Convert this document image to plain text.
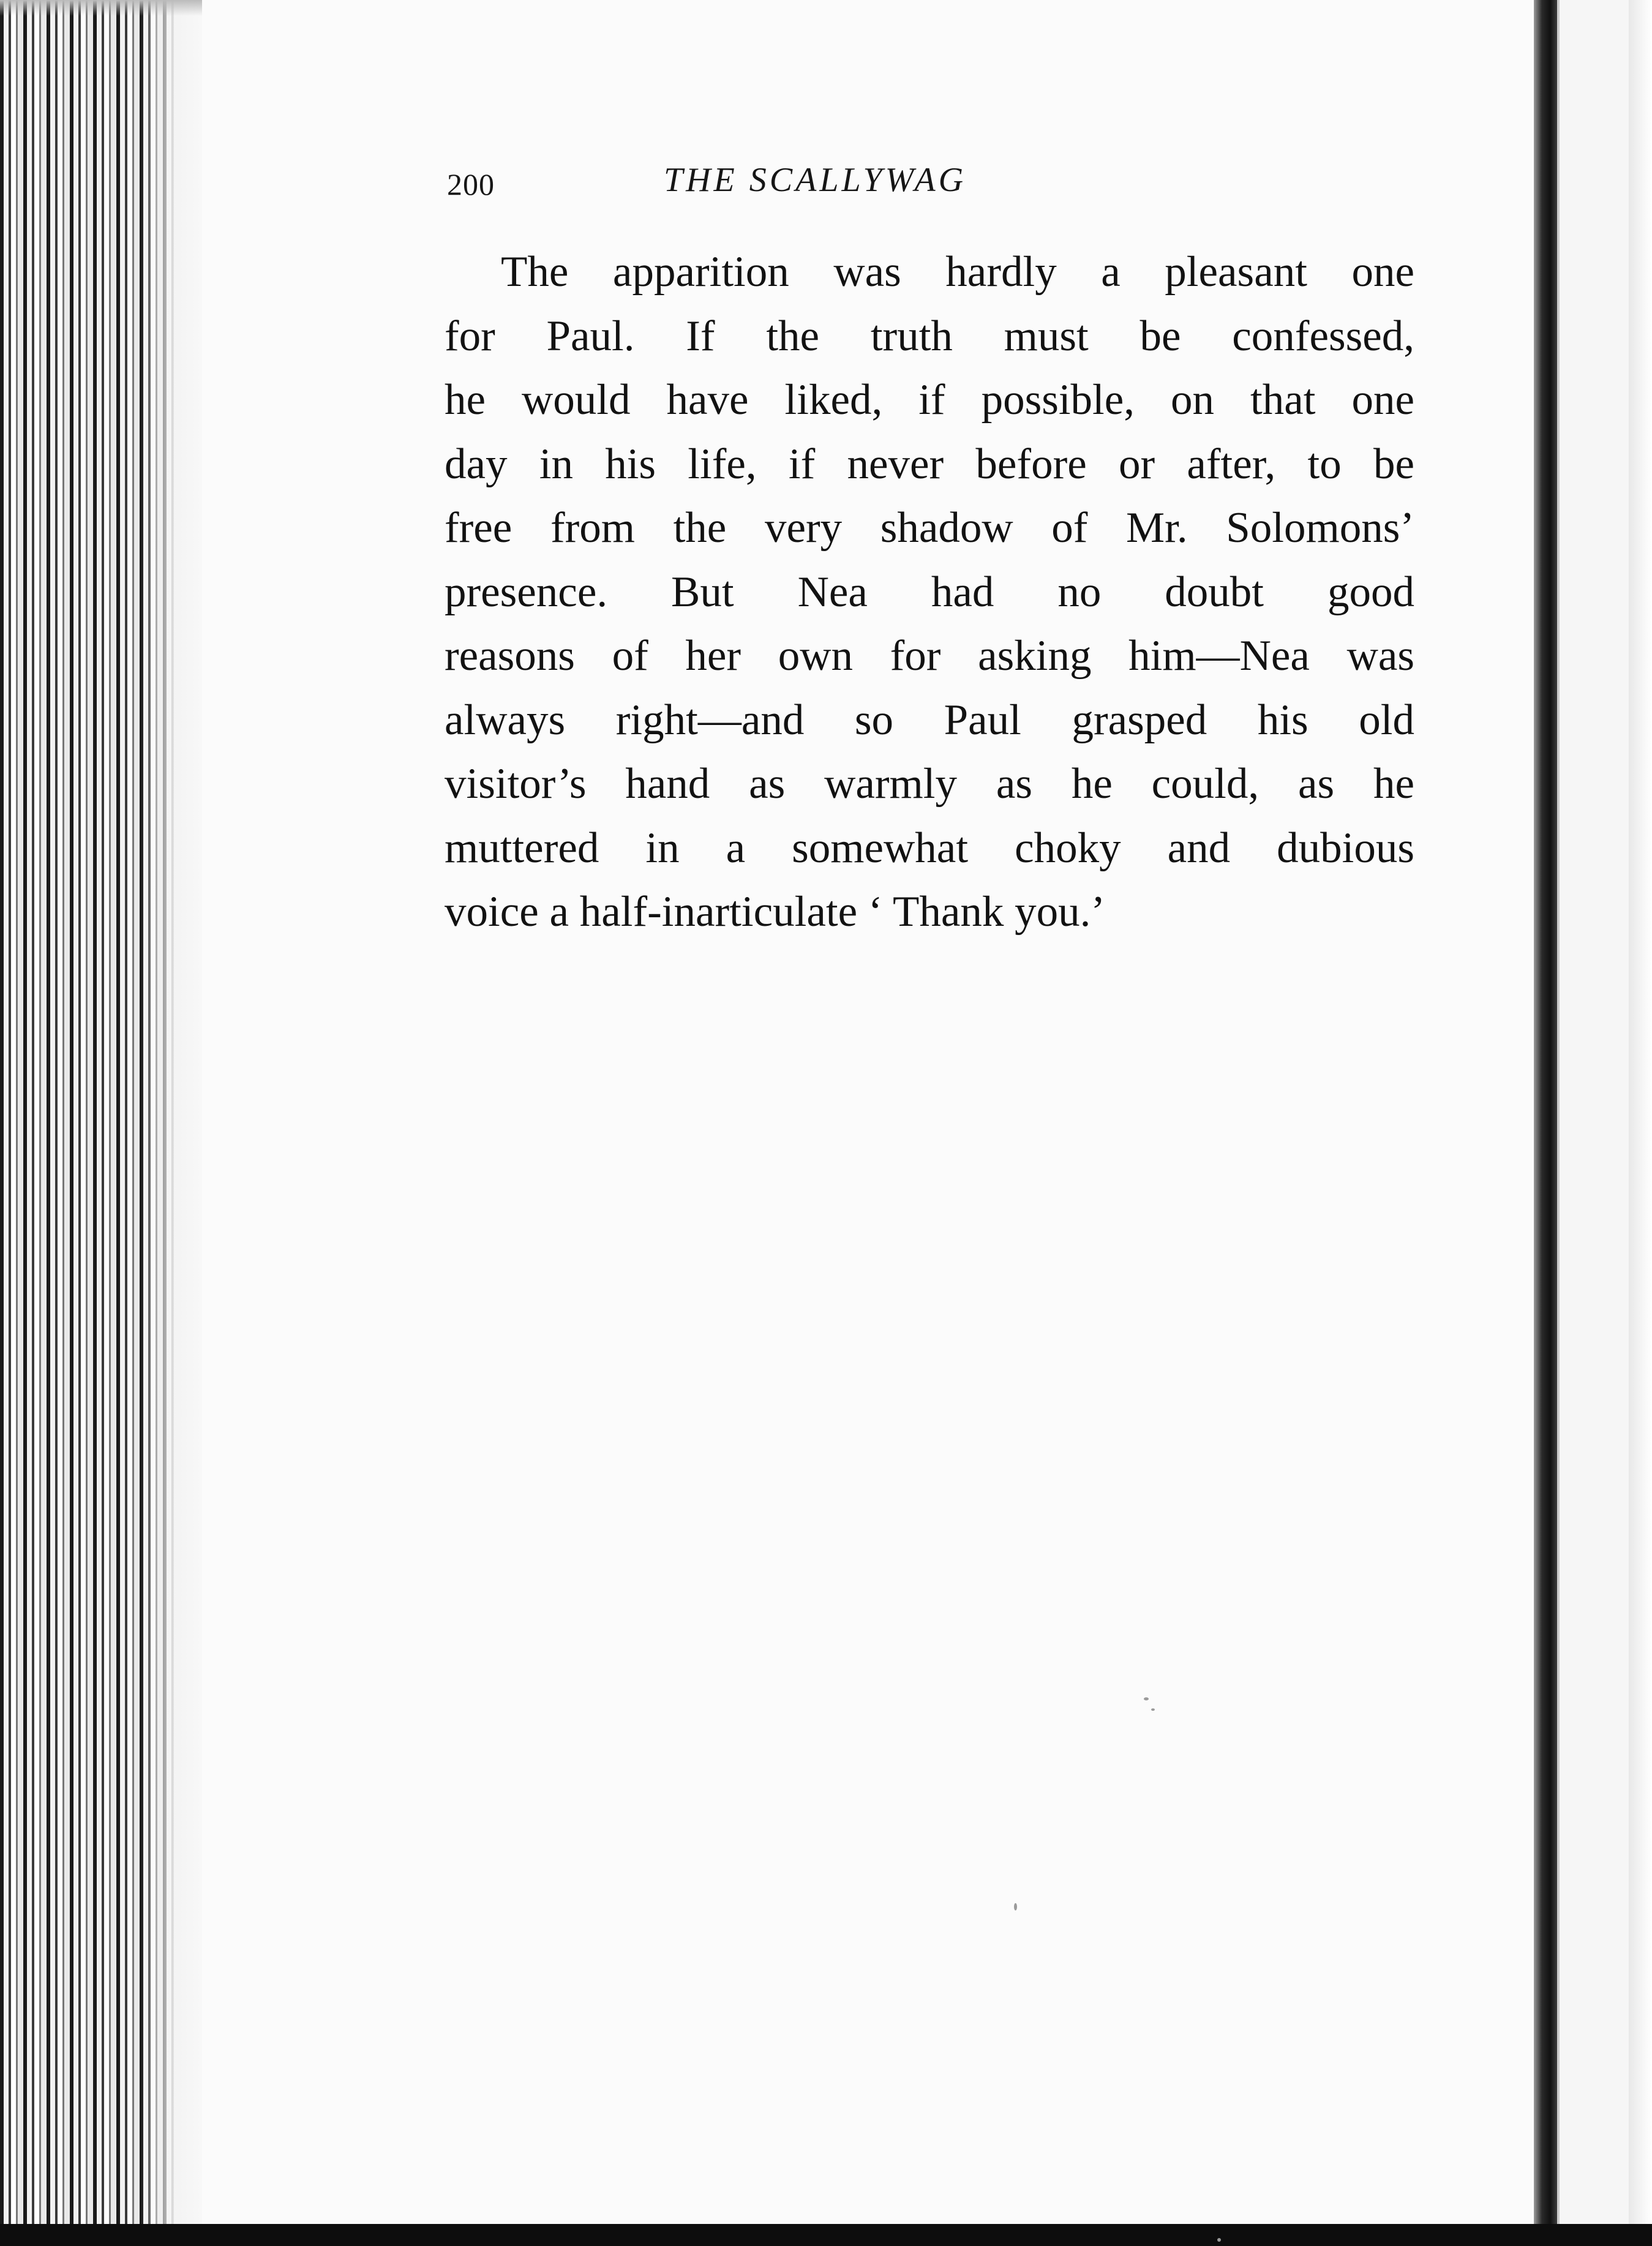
200	THE SCALLYWAG
The apparition was hardly a pleasant one
for Paul. If the truth must be confessed,
he would have liked, if possible, on that one
day in his life, if never before or after, to be
free from the very shadow of Mr. Solomons’
presence. But Nea had no doubt good
reasons of her own for asking him—Nea was
always right—and so Paul grasped his old
visitor’s hand as warmly as he could, as he
muttered in a somewhat choky and dubious
voice a half-inarticulate ‘ Thank you.’
